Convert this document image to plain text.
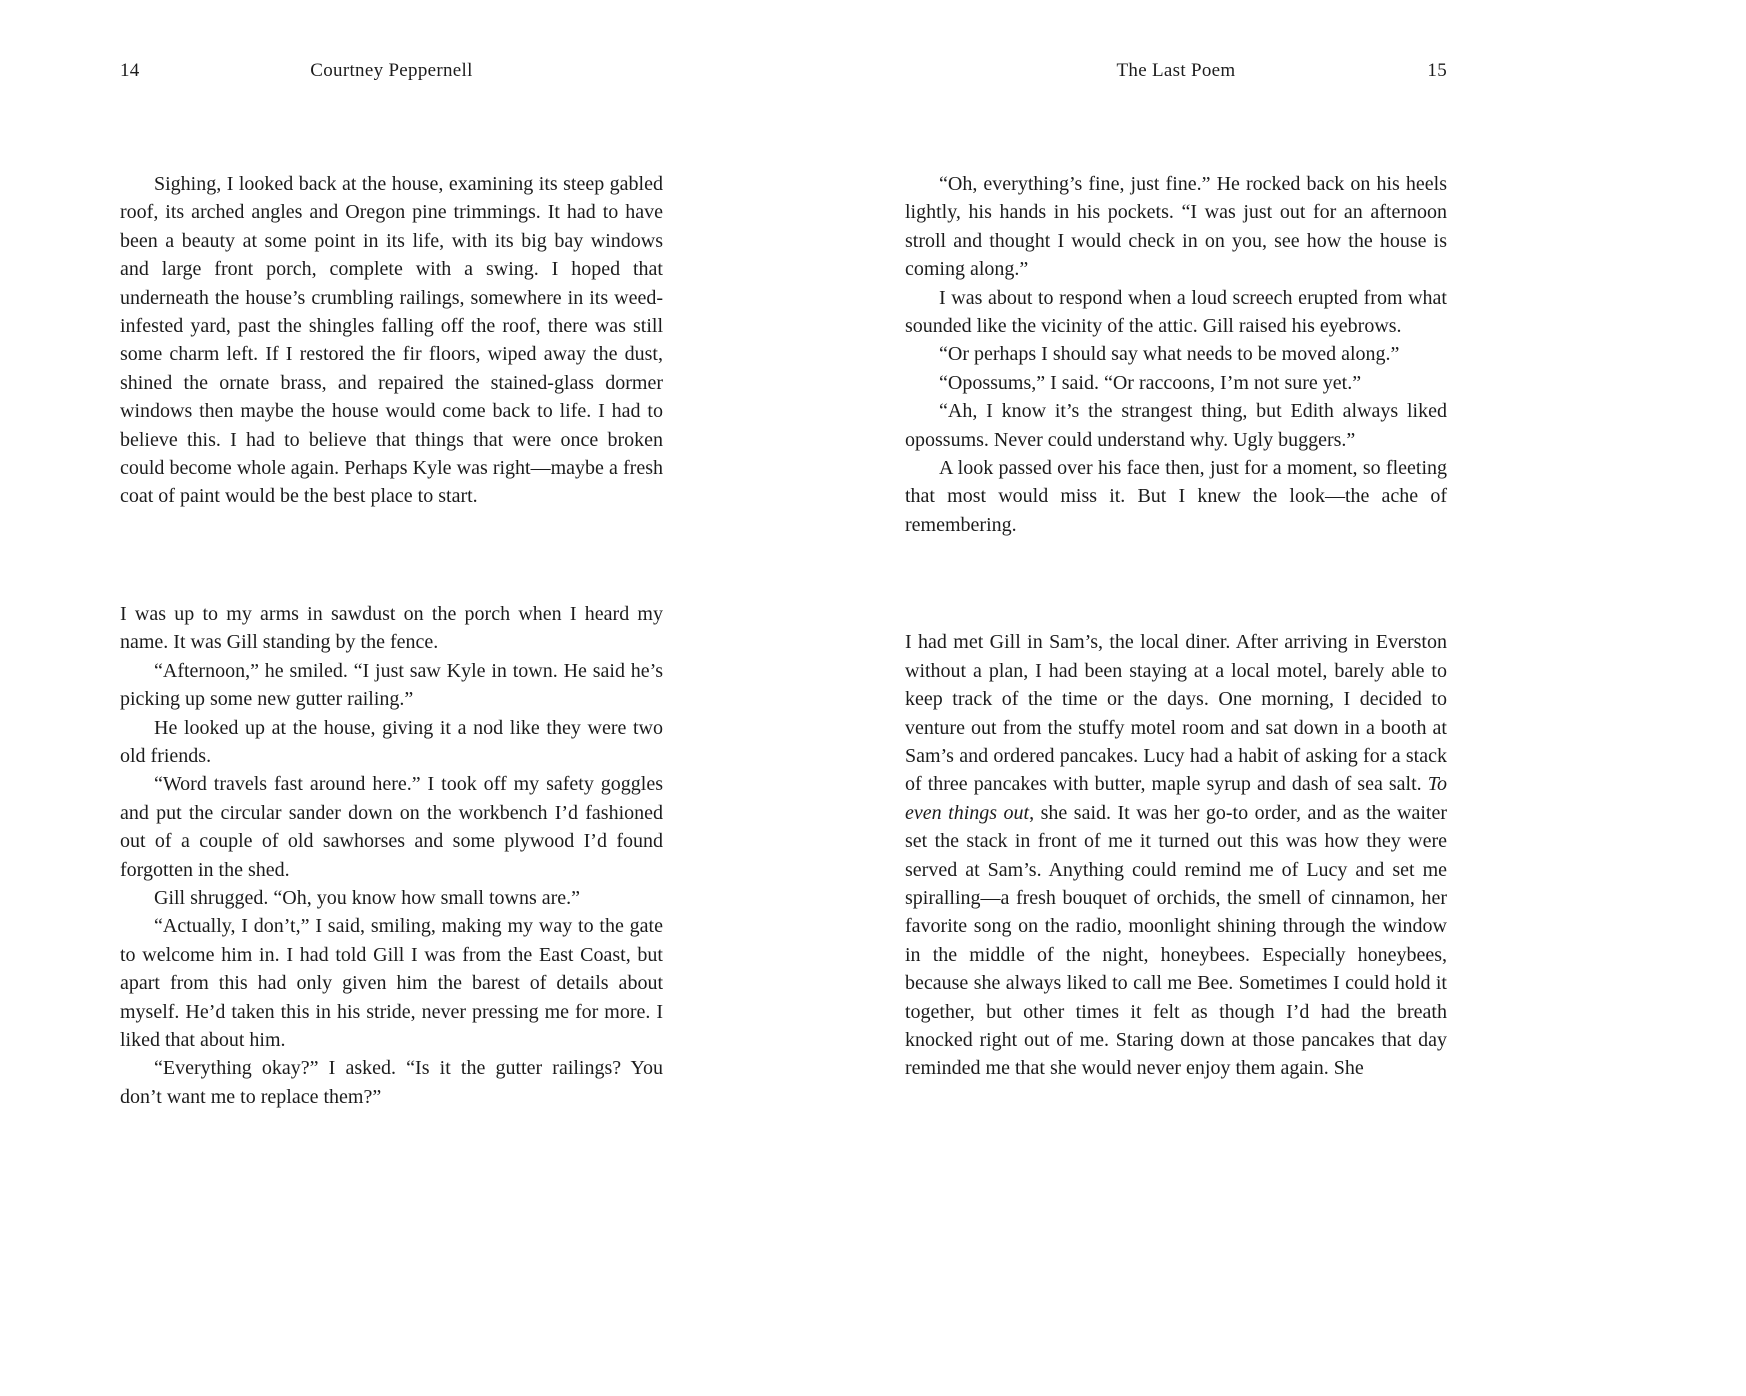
14	Courtney Peppernell

Sighing, I looked back at the house, examining its steep gabled roof, its arched angles and Oregon pine trimmings. It had to have been a beauty at some point in its life, with its big bay windows and large front porch, complete with a swing. I hoped that underneath the house’s crumbling railings, somewhere in its weed-infested yard, past the shingles falling off the roof, there was still some charm left. If I restored the fir floors, wiped away the dust, shined the ornate brass, and repaired the stained-glass dormer windows then maybe the house would come back to life. I had to believe this. I had to believe that things that were once broken could become whole again. Perhaps Kyle was right—maybe a fresh coat of paint would be the best place to start.

I was up to my arms in sawdust on the porch when I heard my name. It was Gill standing by the fence.

“Afternoon,” he smiled. “I just saw Kyle in town. He said he’s picking up some new gutter railing.”

He looked up at the house, giving it a nod like they were two old friends.

“Word travels fast around here.” I took off my safety goggles and put the circular sander down on the workbench I’d fashioned out of a couple of old sawhorses and some plywood I’d found forgotten in the shed.

Gill shrugged. “Oh, you know how small towns are.”

“Actually, I don’t,” I said, smiling, making my way to the gate to welcome him in. I had told Gill I was from the East Coast, but apart from this had only given him the barest of details about myself. He’d taken this in his stride, never pressing me for more. I liked that about him.

“Everything okay?” I asked. “Is it the gutter railings? You don’t want me to replace them?”

The Last Poem	15

“Oh, everything’s fine, just fine.” He rocked back on his heels lightly, his hands in his pockets. “I was just out for an afternoon stroll and thought I would check in on you, see how the house is coming along.”

I was about to respond when a loud screech erupted from what sounded like the vicinity of the attic. Gill raised his eyebrows.

“Or perhaps I should say what needs to be moved along.”

“Opossums,” I said. “Or raccoons, I’m not sure yet.”

“Ah, I know it’s the strangest thing, but Edith always liked opossums. Never could understand why. Ugly buggers.”

A look passed over his face then, just for a moment, so fleeting that most would miss it. But I knew the look—the ache of remembering.

I had met Gill in Sam’s, the local diner. After arriving in Everston without a plan, I had been staying at a local motel, barely able to keep track of the time or the days. One morning, I decided to venture out from the stuffy motel room and sat down in a booth at Sam’s and ordered pancakes. Lucy had a habit of asking for a stack of three pancakes with butter, maple syrup and dash of sea salt. To even things out, she said. It was her go-to order, and as the waiter set the stack in front of me it turned out this was how they were served at Sam’s. Anything could remind me of Lucy and set me spiralling—a fresh bouquet of orchids, the smell of cinnamon, her favorite song on the radio, moonlight shining through the window in the middle of the night, honeybees. Especially honeybees, because she always liked to call me Bee. Sometimes I could hold it together, but other times it felt as though I’d had the breath knocked right out of me. Staring down at those pancakes that day reminded me that she would never enjoy them again. She
